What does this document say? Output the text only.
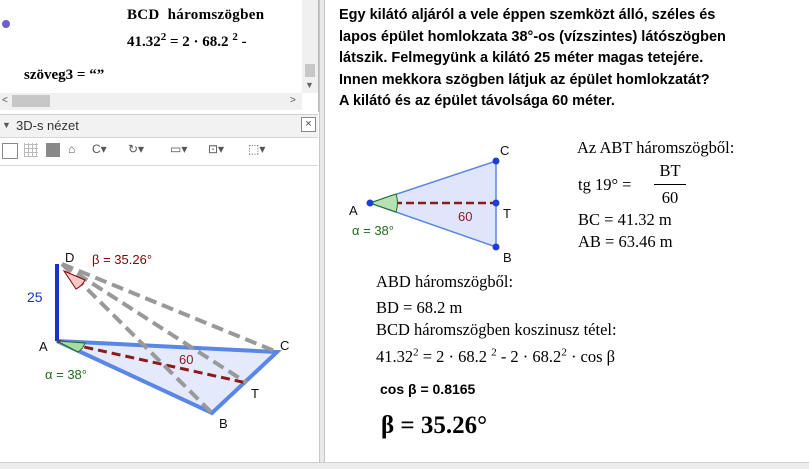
BCD  háromszögben
$41.32^2 = 2 \cdot 68.2$ $^2$ -
szöveg3 = “”
▼
<	>
▼ 3D-s nézet	×
⌂ C▾ ↻▾ ▭▾ ⊡▾ ⬚▾
D β = 35.26°
25
A
α = 38°
60
C
T
B
Egy kilátó aljáról a vele éppen szemközt álló, széles és
lapos épület homlokzata 38°-os (vízszintes) látószögben
látszik. Felmegyünk a kilátó 25 méter magas tetejére.
Innen mekkora szögben látjuk az épület homlokzatát?
A kilátó és az épület távolsága 60 méter.
A
α = 38°
60
C
T
B
Az ABT háromszögből:
tg 19° =
BT
60
BC = 41.32 m
AB = 63.46 m
ABD háromszögből:
BD = 68.2 m
BCD háromszögben koszinusz tétel:
$41.32^2 = 2 \cdot 68.2$ $^2 - 2 \cdot 68.2^2 \cdot \cos \beta$
cos β = 0.8165
β = 35.26°
